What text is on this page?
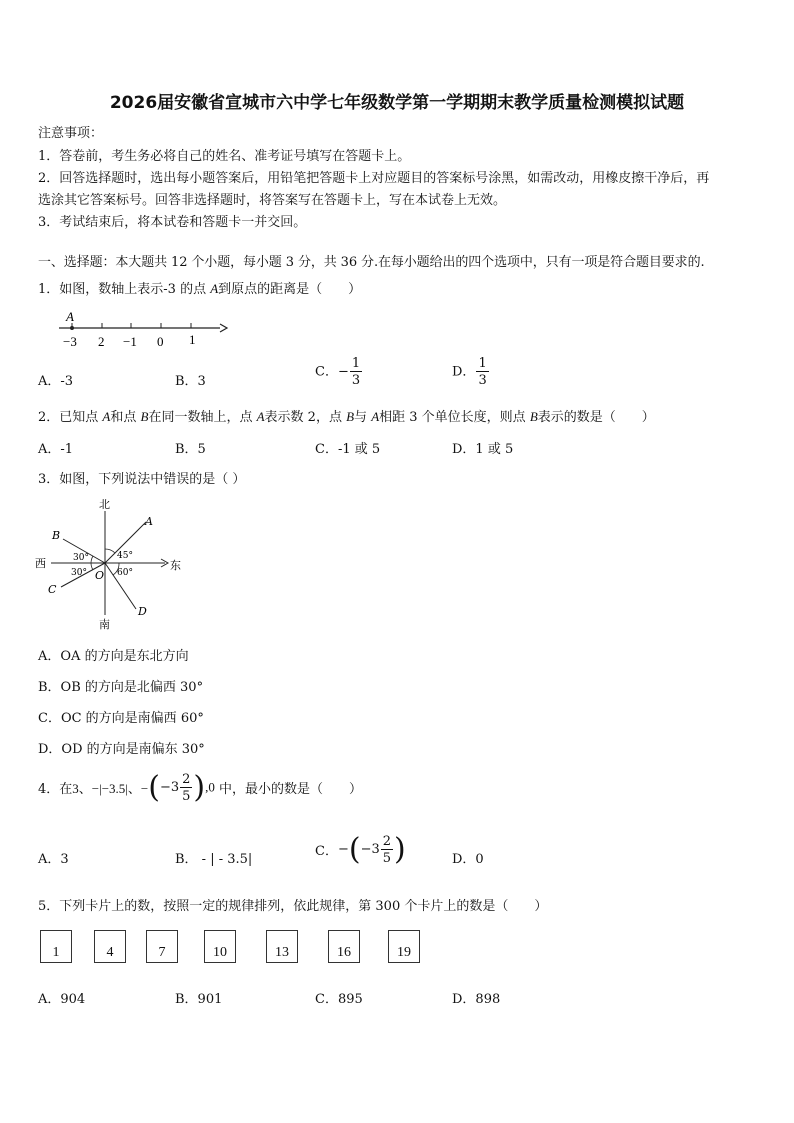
2026届安徽省宣城市六中学七年级数学第一学期期末教学质量检测模拟试题
注意事项：
1．答卷前，考生务必将自己的姓名、准考证号填写在答题卡上。
2．回答选择题时，选出每小题答案后，用铅笔把答题卡上对应题目的答案标号涂黑，如需改动，用橡皮擦干净后，再
选涂其它答案标号。回答非选择题时，将答案写在答题卡上，写在本试卷上无效。
3．考试结束后，将本试卷和答题卡一并交回。
一、选择题：本大题共 12 个小题，每小题 3 分，共 36 分.在每小题给出的四个选项中，只有一项是符合题目要求的.
1．如图，数轴上表示-3 的点 A到原点的距离是（　　）
A
−3 2 −1 0 1
A．-3	B．3
C．− $\frac{1}{3}$	D． $\frac{1}{3}$
2．已知点 A和点 B在同一数轴上，点 A表示数 2，点 B与 A相距 3 个单位长度，则点 B表示的数是（　　）
A．-1	B．5	C．-1 或 5	D．1 或 5
3．如图，下列说法中错误的是（ ）
北
南
西	东
O
A
B
C
D
45°
30°
30°	60°
A．OA 的方向是东北方向
B．OB 的方向是北偏西 30°
C．OC 的方向是南偏西 60°
D．OD 的方向是南偏东 30°
4．在3、−|−3.5|、$-(-3 \frac{2}{5} ),0$ 中，最小的数是（　　）
A．3	B． - | - 3.5|
C．$-(-3 \frac{2}{5}$ )	D．0
5．下列卡片上的数，按照一定的规律排列，依此规律，第 300 个卡片上的数是（　　）
1	4	7	10	13	16	19
A．904	B．901	C．895	D．898
